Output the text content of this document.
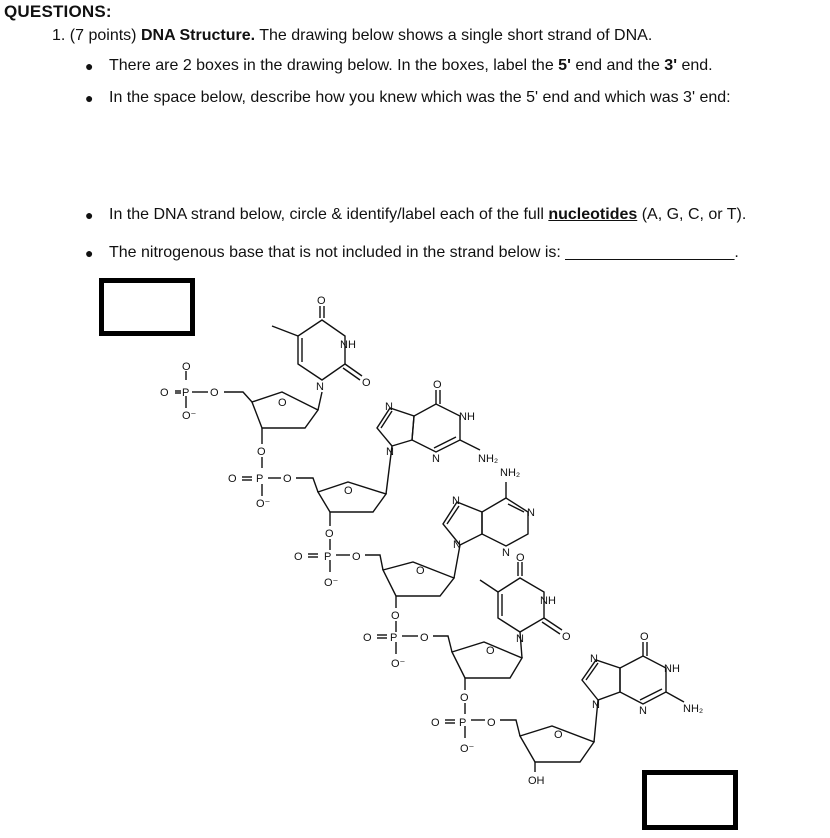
QUESTIONS:
1. (7 points) DNA Structure. The drawing below shows a single short strand of DNA.
● There are 2 boxes in the drawing below. In the boxes, label the 5' end and the 3' end.
● In the space below, describe how you knew which was the 5' end and which was 3' end:
● In the DNA strand below, circle & identify/label each of the full nucleotides (A, G, C, or T).
● The nitrogenous base that is not included in the strand below is: ___________________.
O
O P O
O⁻
O
O
NH
N	O
O
O P O
O⁻
O
O
N
NH
N
N	NH₂
O
O P O
O⁻
O
NH₂
N
N
N
N
O
O P O
O⁻
O
O
NH
N	O
O
O P O
O⁻
O
OH
O
N
NH
N	N	NH₂
